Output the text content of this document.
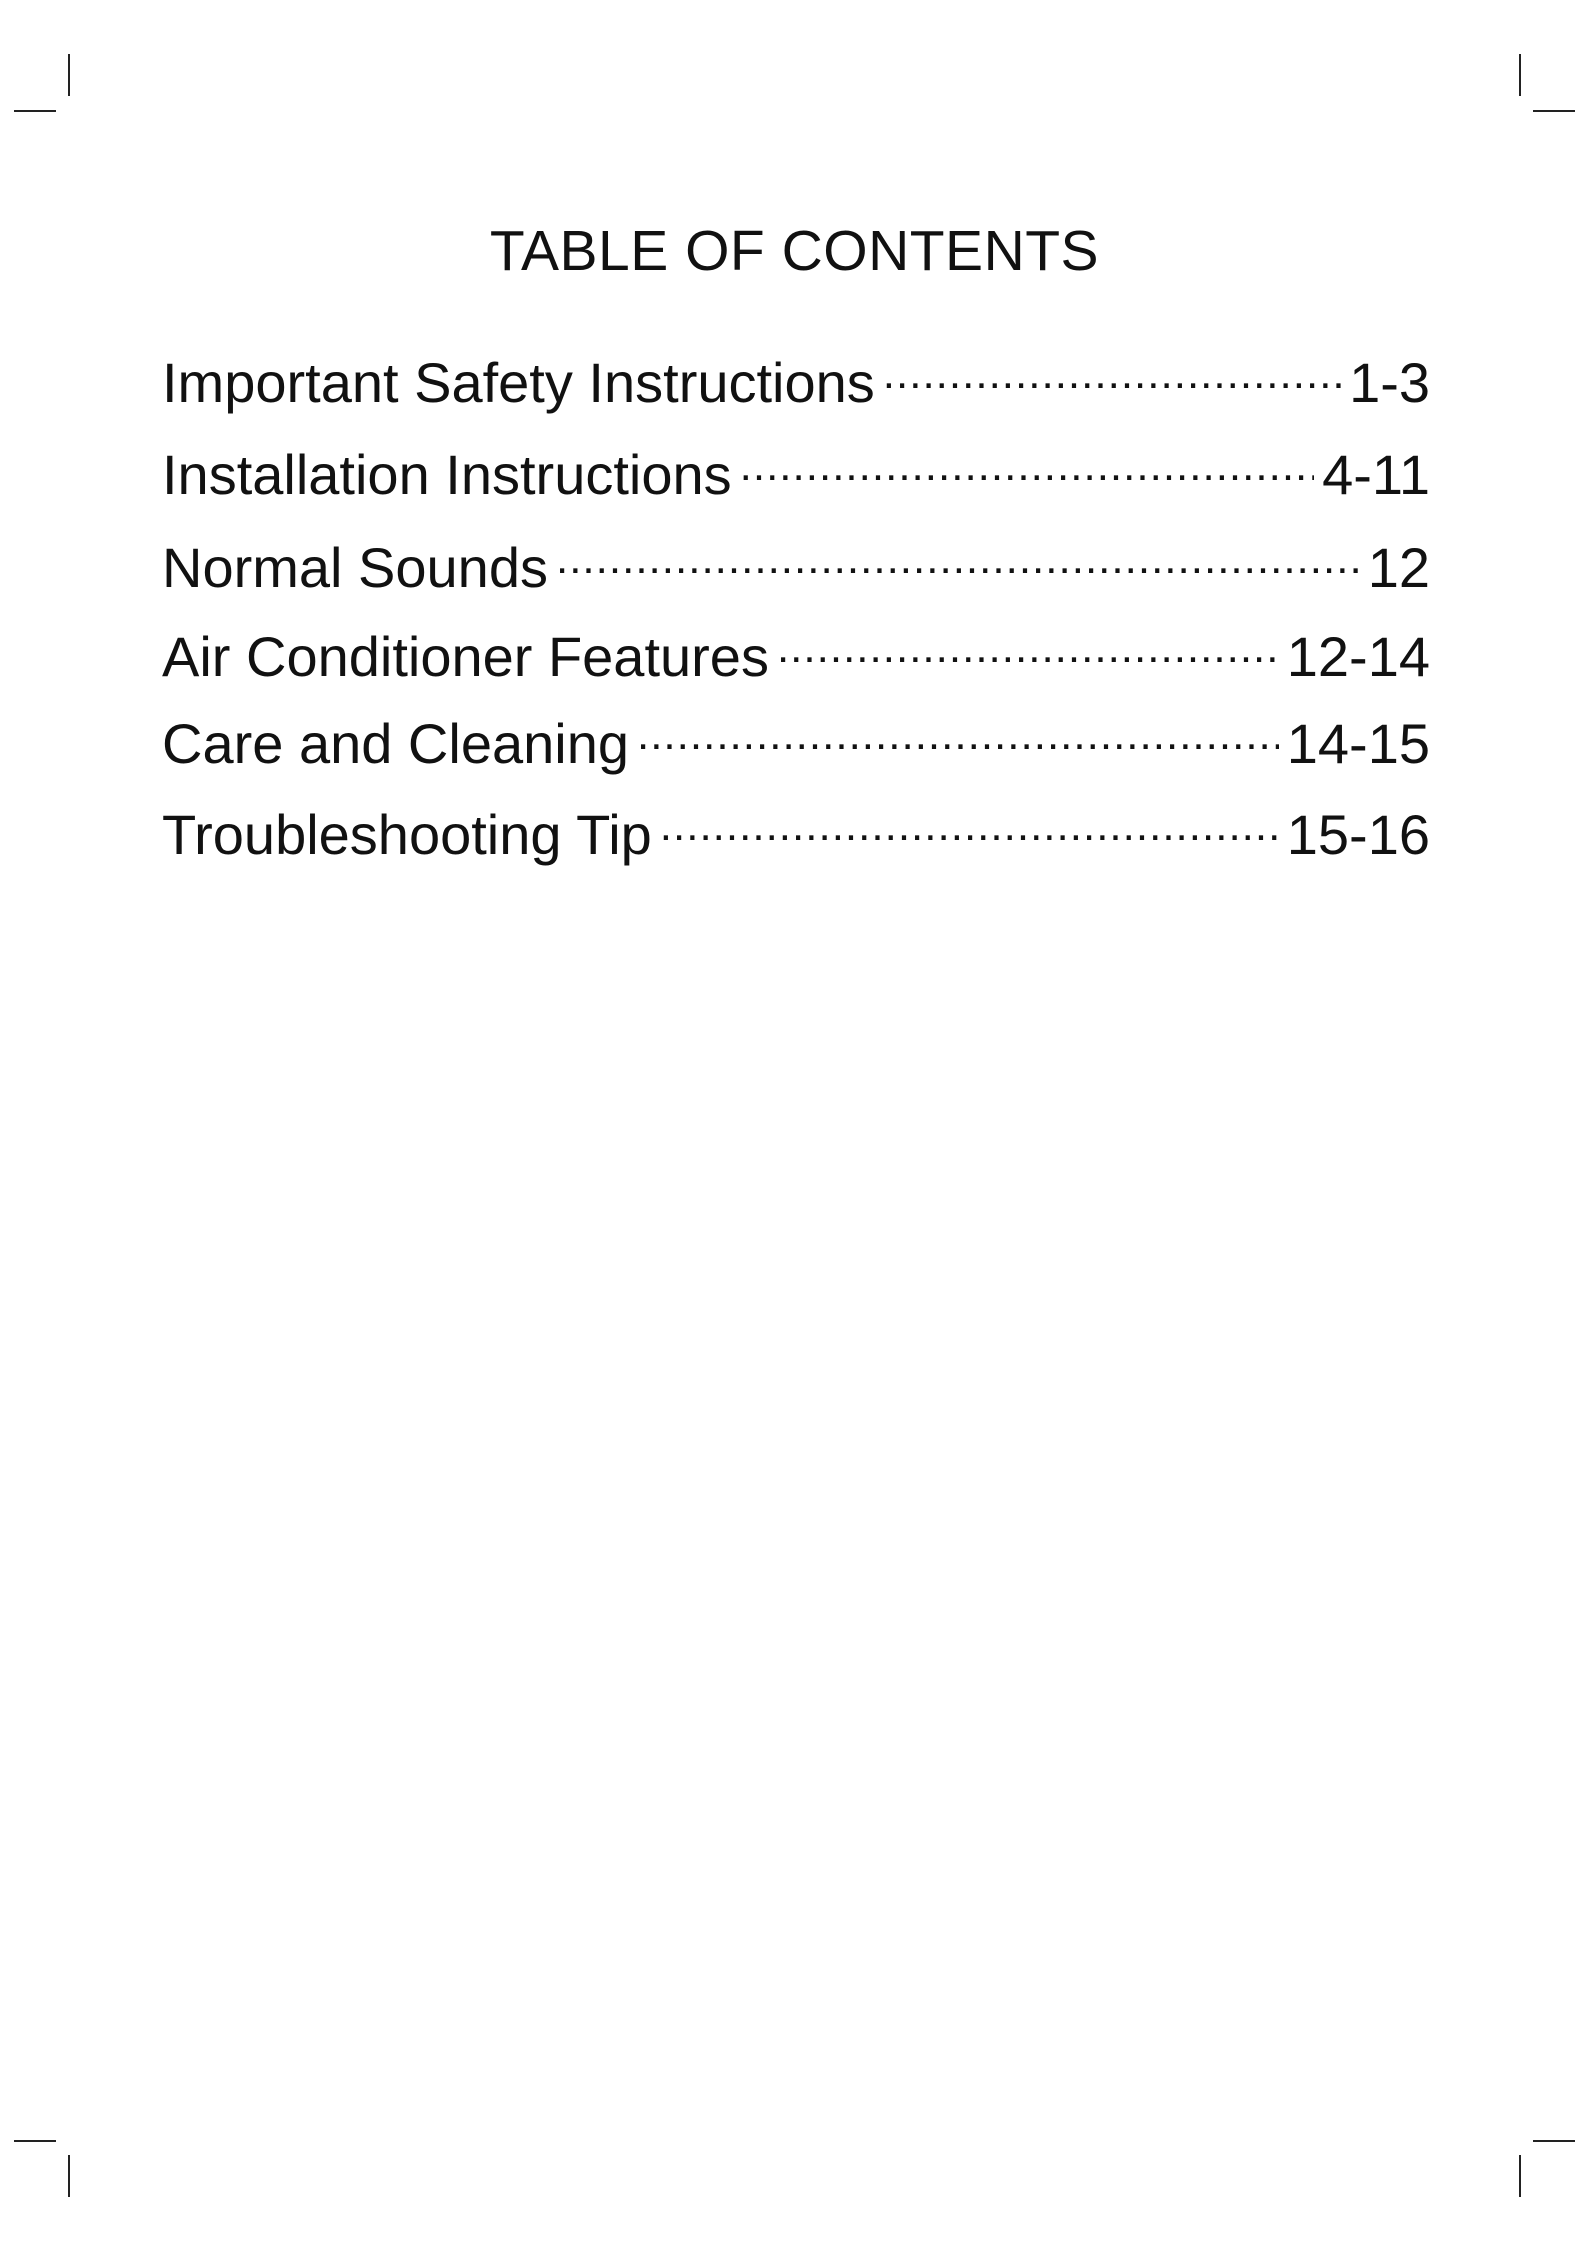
TABLE OF CONTENTS
Important Safety Instructions .....	1-3
Installation Instructions .....	4-11
Normal Sounds .....	12
Air Conditioner Features .....	12-14
Care and Cleaning .....	14-15
Troubleshooting Tip .....	15-16
